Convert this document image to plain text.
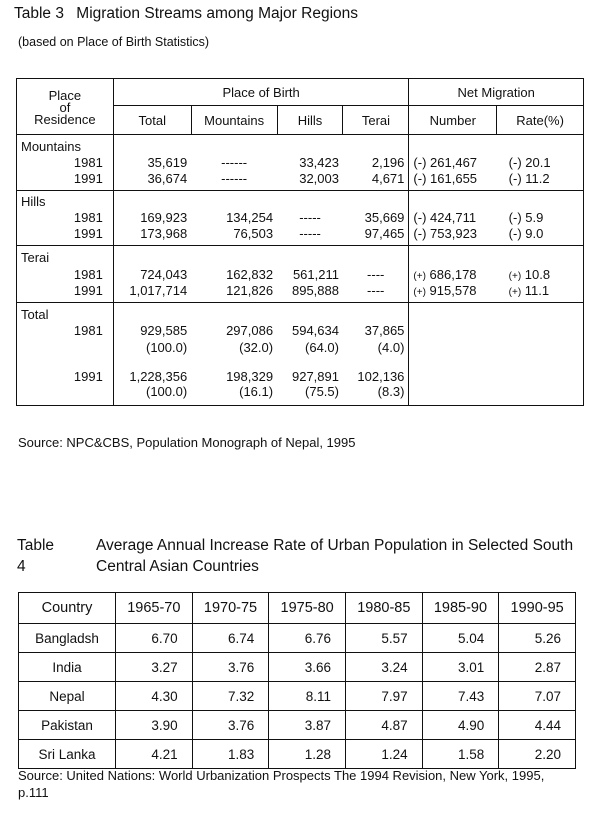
Table 3 Migration Streams among Major Regions
(based on Place of Birth Statistics)
Place
of
Residence	Place of Birth				Net Migration	
	Total	Mountains	Hills	Terai	Number	Rate(%)
Mountains						
1981	35,619	------	33,423	2,196	(-) 261,467	(-) 20.1
1991	36,674	------	32,003	4,671	(-) 161,655	(-) 11.2
Hills						
1981	169,923	134,254	-----	35,669	(-) 424,711	(-) 5.9
1991	173,968	76,503	-----	97,465	(-) 753,923	(-) 9.0
Terai						
1981	724,043	162,832	561,211	----	(+) 686,178	(+) 10.8
1991	1,017,714	121,826	895,888	----	(+) 915,578	(+) 11.1
Total						
1981	929,585	297,086	594,634	37,865		
	(100.0)	(32.0)	(64.0)	(4.0)		
1991	1,228,356	198,329	927,891	102,136		
	(100.0)	(16.1)	(75.5)	(8.3)		
Source: NPC&CBS, Population Monograph of Nepal, 1995
Table 4
Average Annual Increase Rate of Urban Population in Selected South Central Asian Countries
Country	1965-70	1970-75	1975-80	1980-85	1985-90	1990-95
Bangladsh	6.70	6.74	6.76	5.57	5.04	5.26
India	3.27	3.76	3.66	3.24	3.01	2.87
Nepal	4.30	7.32	8.11	7.97	7.43	7.07
Pakistan	3.90	3.76	3.87	4.87	4.90	4.44
Sri Lanka	4.21	1.83	1.28	1.24	1.58	2.20
Source: United Nations: World Urbanization Prospects The 1994 Revision, New York, 1995, p.111
